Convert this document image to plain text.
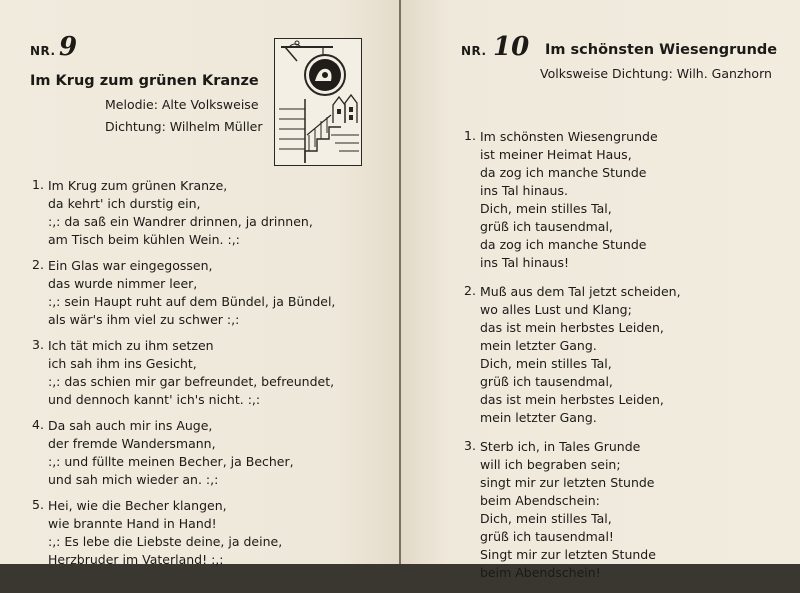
NR. 9
Im Krug zum grünen Kranze
Melodie: Alte Volksweise
Dichtung: Wilhelm Müller
1. Im Krug zum grünen Kranze,
da kehrt' ich durstig ein,
:,: da saß ein Wandrer drinnen, ja drinnen,
am Tisch beim kühlen Wein. :,:
2. Ein Glas war eingegossen,
das wurde nimmer leer,
:,: sein Haupt ruht auf dem Bündel, ja Bündel,
als wär's ihm viel zu schwer :,:
3. Ich tät mich zu ihm setzen
ich sah ihm ins Gesicht,
:,: das schien mir gar befreundet, befreundet,
und dennoch kannt' ich's nicht. :,:
4. Da sah auch mir ins Auge,
der fremde Wandersmann,
:,: und füllte meinen Becher, ja Becher,
und sah mich wieder an. :,:
5. Hei, wie die Becher klangen,
wie brannte Hand in Hand!
:,: Es lebe die Liebste deine, ja deine,
Herzbruder im Vaterland! :,:
NR. 10 Im schönsten Wiesengrunde
Volksweise Dichtung: Wilh. Ganzhorn
1. Im schönsten Wiesengrunde
ist meiner Heimat Haus,
da zog ich manche Stunde
ins Tal hinaus.
Dich, mein stilles Tal,
grüß ich tausendmal,
da zog ich manche Stunde
ins Tal hinaus!
2. Muß aus dem Tal jetzt scheiden,
wo alles Lust und Klang;
das ist mein herbstes Leiden,
mein letzter Gang.
Dich, mein stilles Tal,
grüß ich tausendmal,
das ist mein herbstes Leiden,
mein letzter Gang.
3. Sterb ich, in Tales Grunde
will ich begraben sein;
singt mir zur letzten Stunde
beim Abendschein:
Dich, mein stilles Tal,
grüß ich tausendmal!
Singt mir zur letzten Stunde
beim Abendschein!
